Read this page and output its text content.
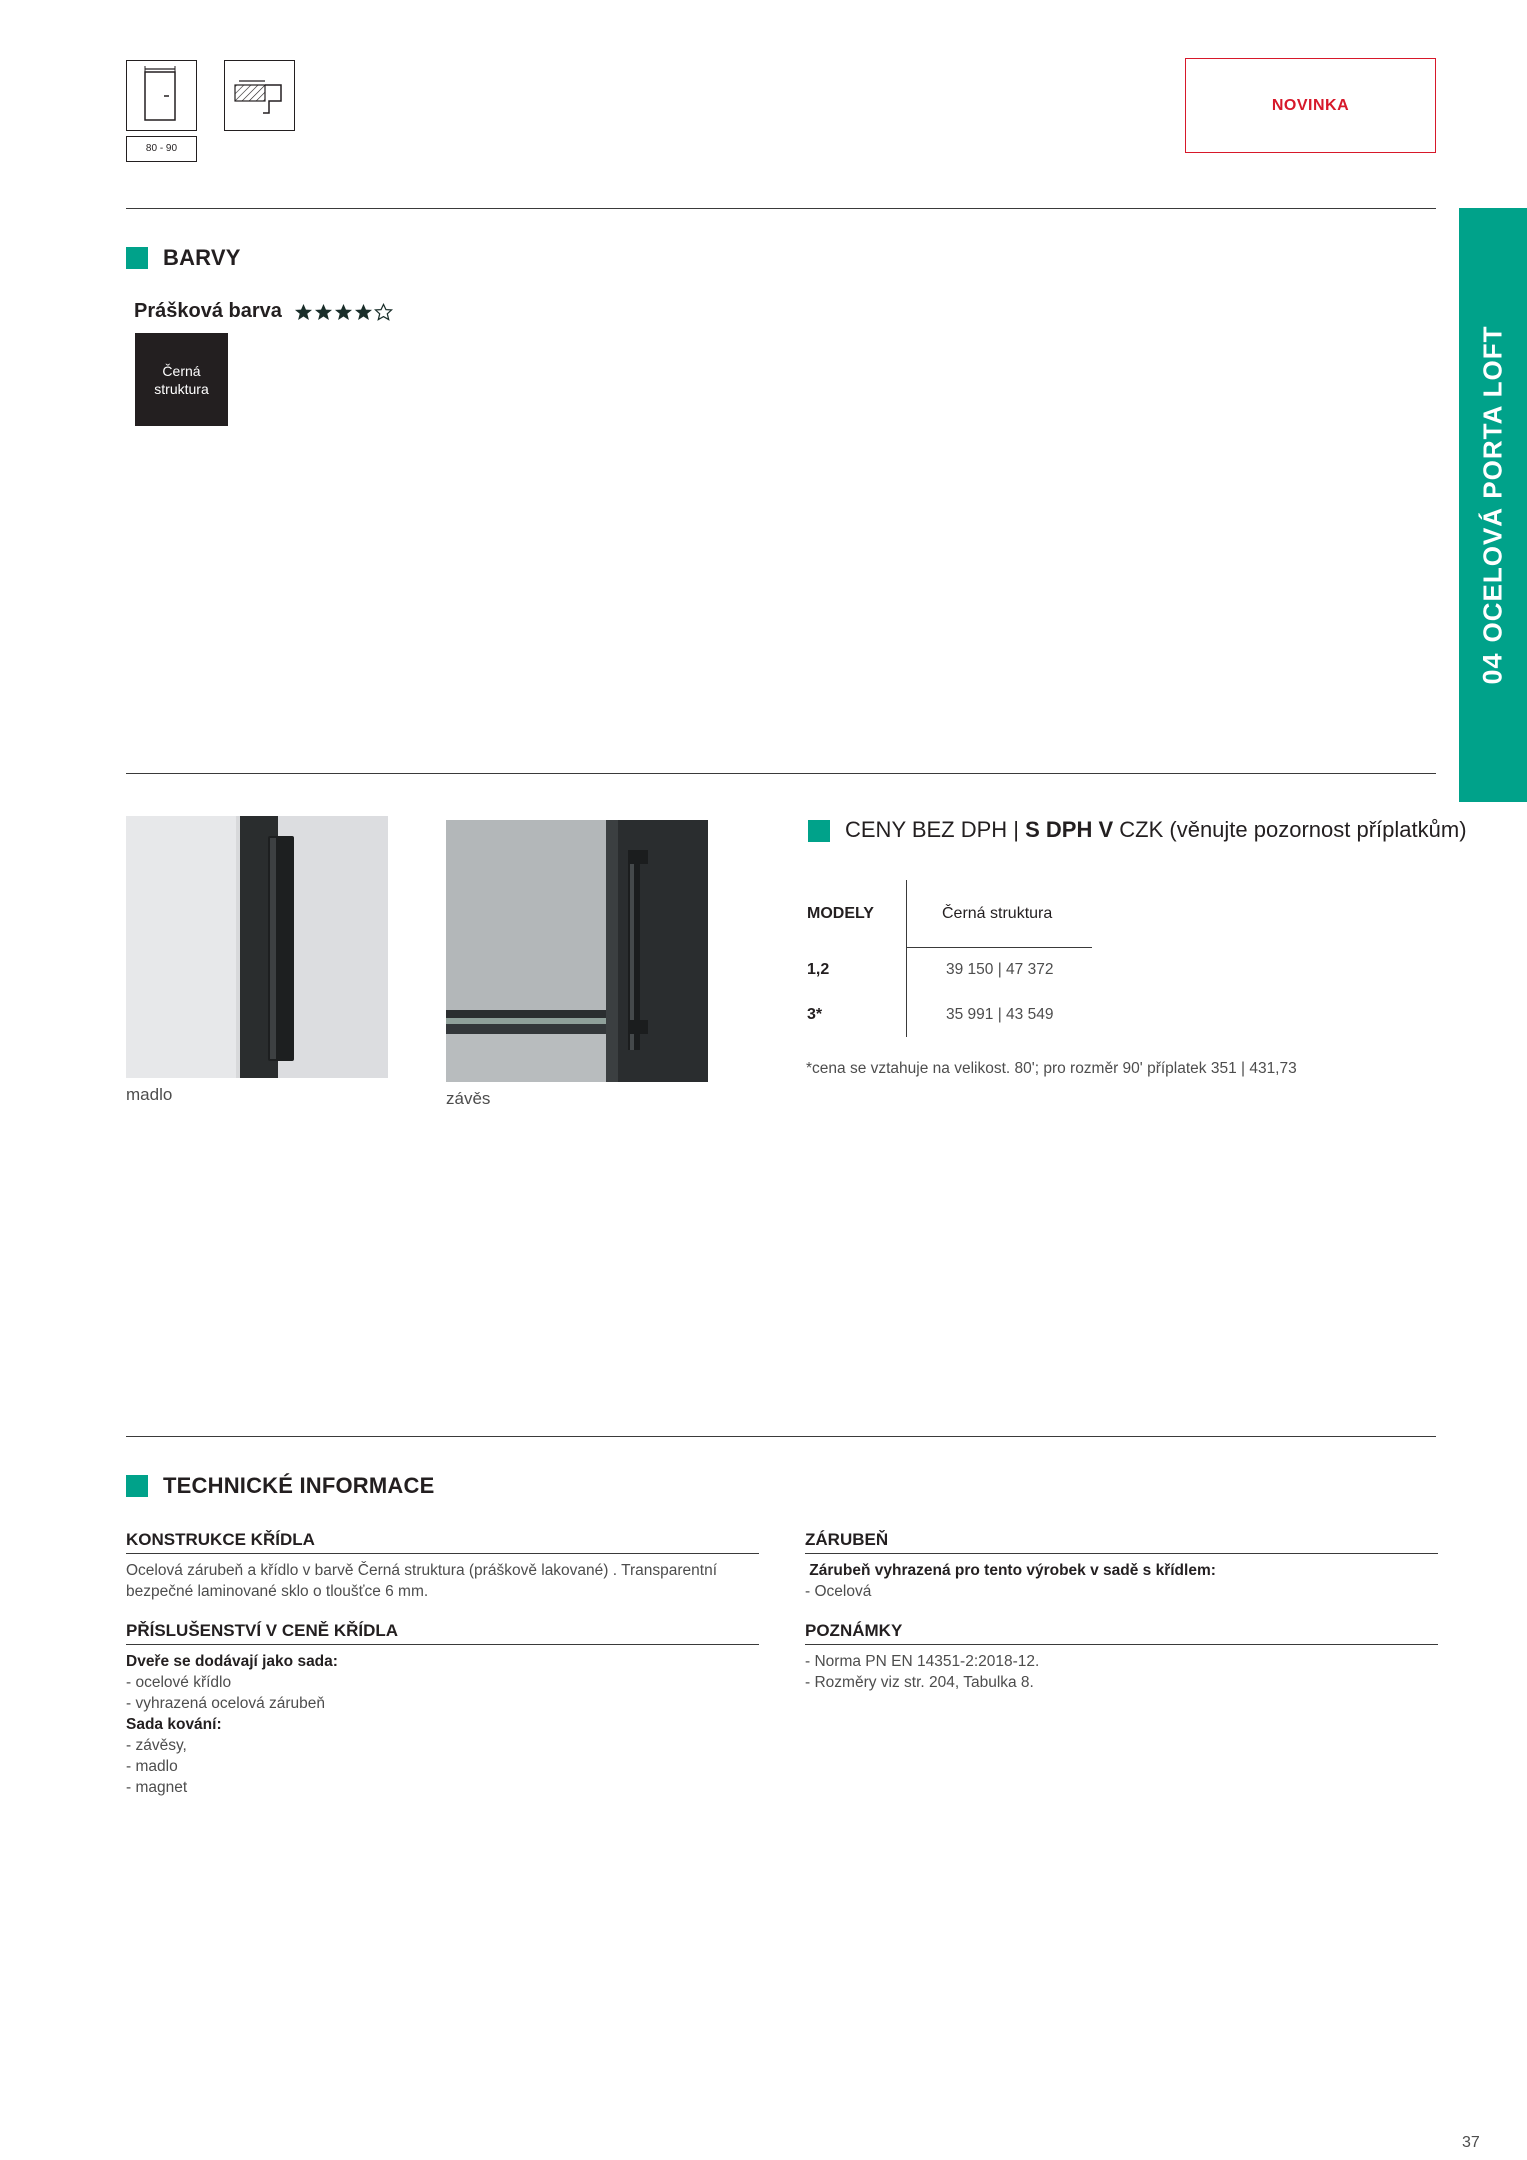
80 - 90
NOVINKA
04OCELOVÁ PORTA LOFT
BARVY
Prášková barva
Černá
struktura
madlo	závěs
CENY BEZ DPH | S DPH V CZK (věnujte pozornost příplatkům)
MODELY	Černá struktura
1,2	39 150 | 47 372
3*	35 991 | 43 549
*cena se vztahuje na velikost. 80'; pro rozměr 90' příplatek 351 | 431,73
TECHNICKÉ INFORMACE
KONSTRUKCE KŘÍDLA
Ocelová zárubeň a křídlo v barvě Černá struktura (práškově lakované) . Transparentní
bezpečné laminované sklo o tloušťce 6 mm.
PŘÍSLUŠENSTVÍ V CENĚ KŘÍDLA
Dveře se dodávají jako sada:
- ocelové křídlo
- vyhrazená ocelová zárubeň
Sada kování:
- závěsy,
- madlo
- magnet
ZÁRUBEŇ
Zárubeň vyhrazená pro tento výrobek v sadě s křídlem:
- Ocelová
POZNÁMKY
- Norma PN EN 14351-2:2018-12.
- Rozměry viz str. 204, Tabulka 8.
37
